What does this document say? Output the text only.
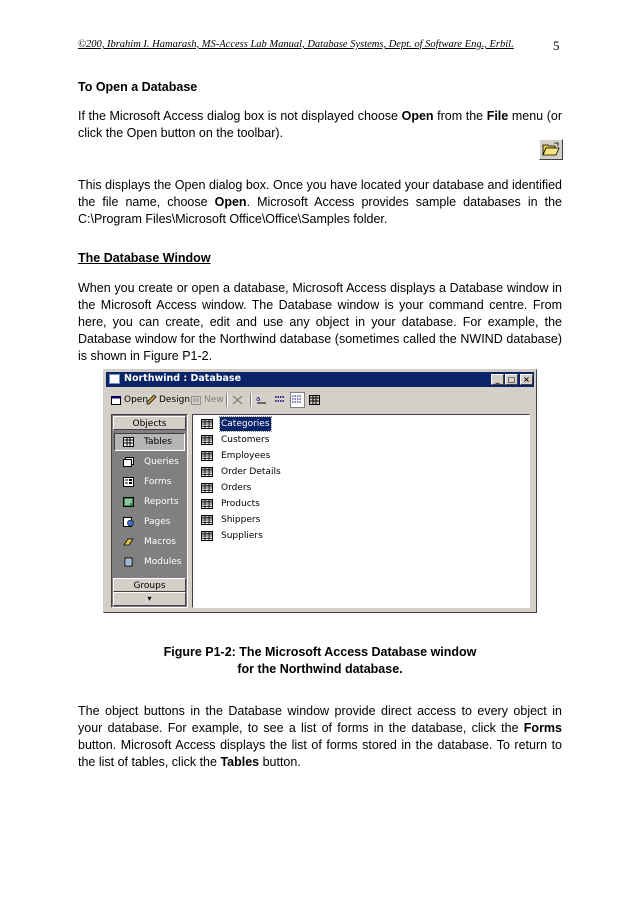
©200, Ibrahim I. Hamarash, MS-Access Lab Manual, Database Systems, Dept. of Software Eng., Erbil.	5
To Open a Database
If the Microsoft Access dialog box is not displayed choose Open from the File menu (or click the Open button on the toolbar).
This displays the Open dialog box. Once you have located your database and identified the file name, choose Open. Microsoft Access provides sample databases in the C:\Program Files\Microsoft Office\Office\Samples folder.
The Database Window
When you create or open a database, Microsoft Access displays a Database window in the Microsoft Access window. The Database window is your command centre. From here, you can create, edit and use any object in your database. For example, the Database window for the Northwind database (sometimes called the NWIND database) is shown in Figure P1-2.
Northwind : Database	_	□ ×
Open	Design	New	a
Objects
Tables
Queries
Forms
Reports
Pages
Macros
Modules
Groups
▾
Categories
Customers
Employees
Order Details
Orders
Products
Shippers
Suppliers
Figure P1-2: The Microsoft Access Database window
for the Northwind database.
The object buttons in the Database window provide direct access to every object in your database. For example, to see a list of forms in the database, click the Forms button. Microsoft Access displays the list of forms stored in the database. To return to the list of tables, click the Tables button.
